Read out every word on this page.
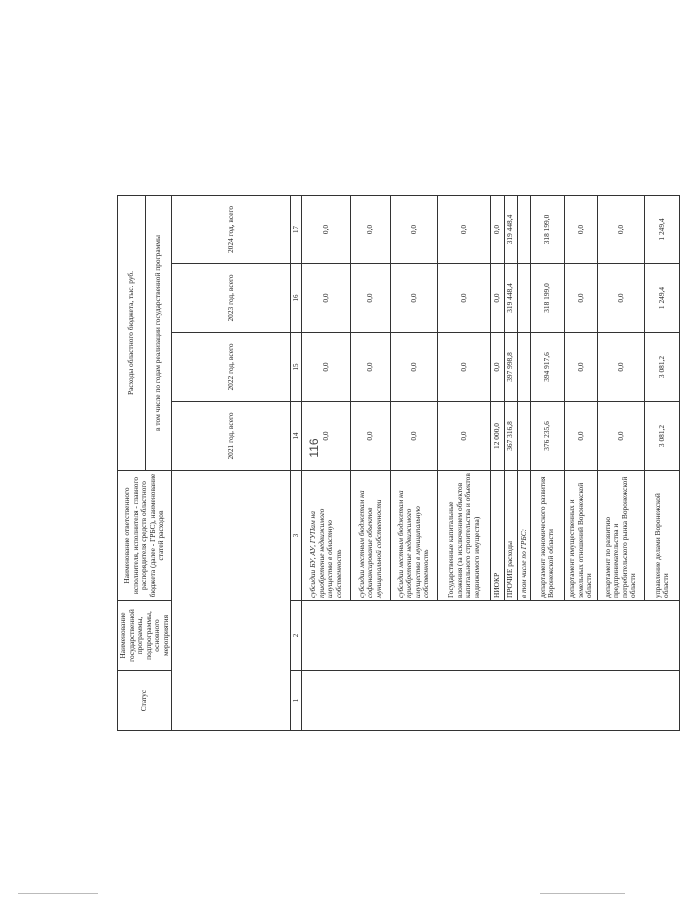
116
Статус	Наименование государственной программы, подпрограммы, основного мероприятия	Наименование ответственного исполнителя, исполнителя - главного распорядителя средств областного бюджета (далее - ГРБС), наименование статей расходов	Расходы областного бюджета, тыс. руб.			
			в том числе по годам реализации государственной программы			
			2021 год, всего	2022 год, всего	2023 год, всего	2024 год, всего
1	2	3	14	15	16	17
		субсидии БУ, АУ, ГУПам на приобретение недвижимого имущества в областную собственность	0,0	0,0	0,0	0,0
		субсидии местным бюджетам на софинансирование объектов муниципальной собственности	0,0	0,0	0,0	0,0
		субсидии местным бюджетам на приобретение недвижимого имущества в муниципальную собственность	0,0	0,0	0,0	0,0
		Государственные капитальные вложения (за исключением объектов капитального строительства и объектов недвижимого имущества)	0,0	0,0	0,0	0,0
		НИОКР	12 000,0	0,0	0,0	0,0
		ПРОЧИЕ расходы	367 316,8	397 998,8	319 448,4	319 448,4
		в том числе по ГРБС:				
		департамент экономического развития Воронежской области	376 235,6	394 917,6	318 199,0	318 199,0
		департамент имущественных и земельных отношений Воронежской области	0,0	0,0	0,0	0,0
		департамент по развитию предпринимательства и потребительского рынка Воронежской области	0,0	0,0	0,0	0,0
		управление делами Воронежской области	3 081,2	3 081,2	1 249,4	1 249,4
